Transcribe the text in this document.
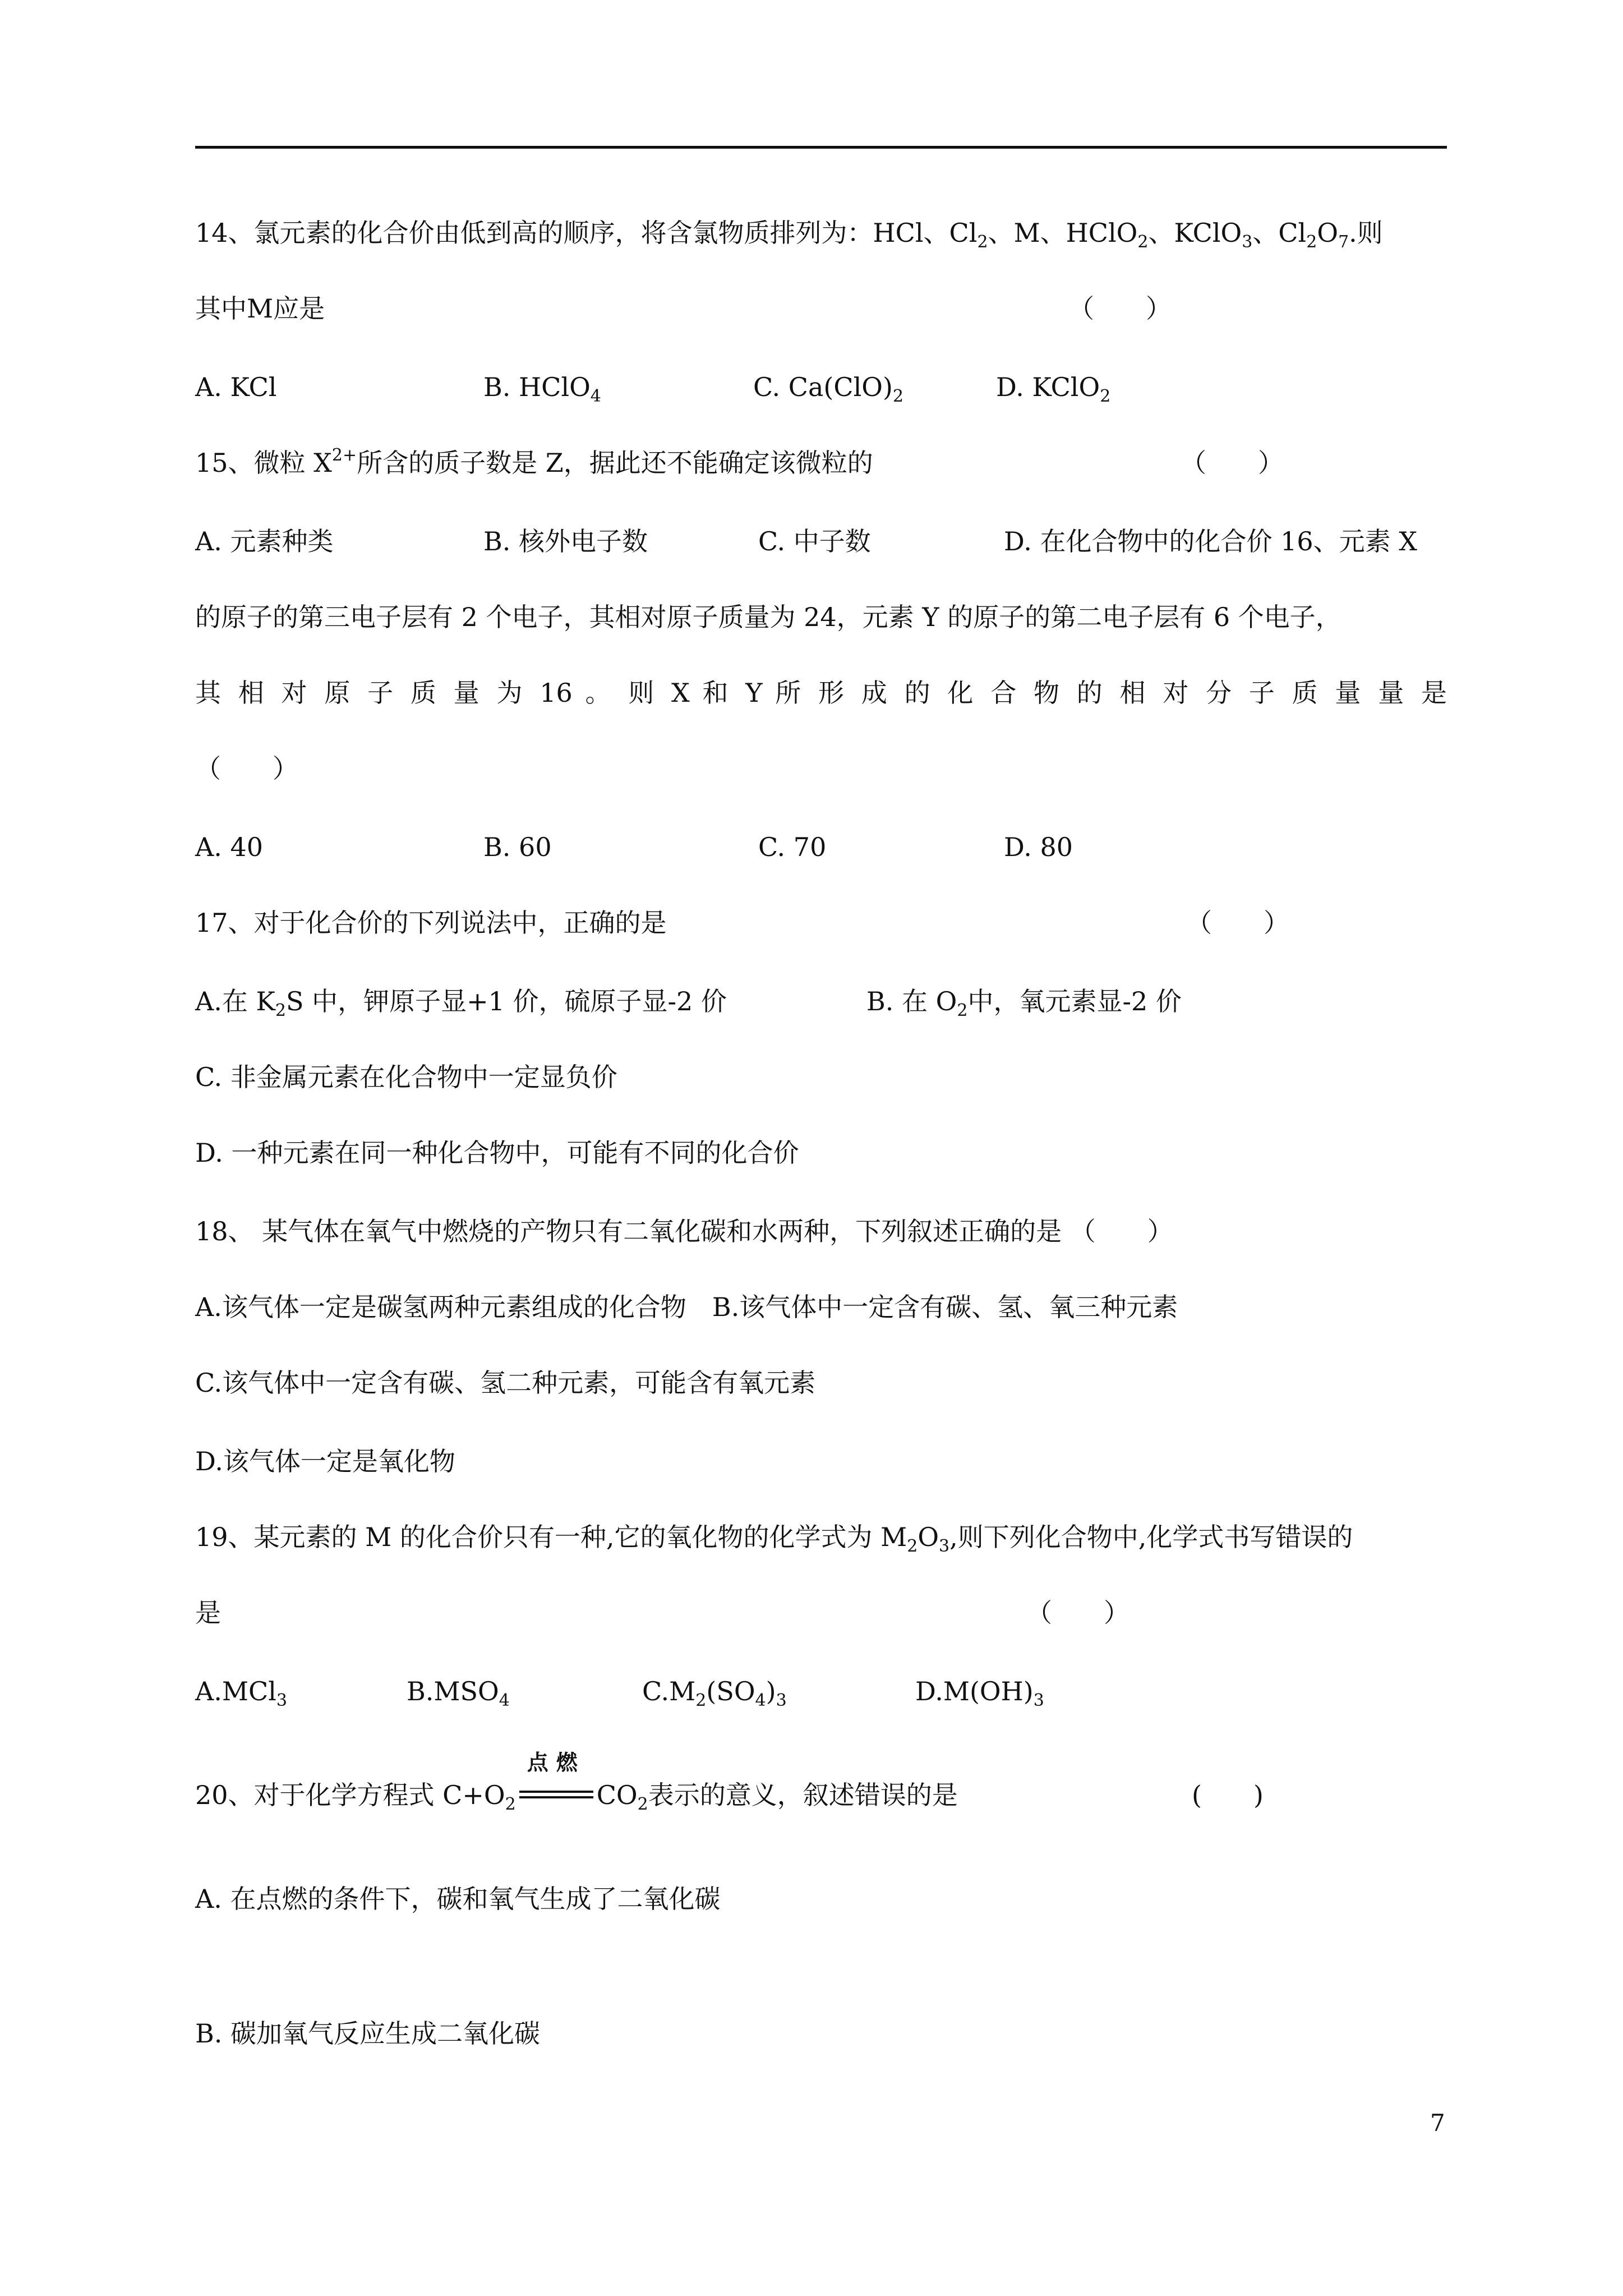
14、氯元素的化合价由低到高的顺序，将含氯物质排列为：HCl、$Cl_2$、M、HClO$_2$、KClO$_3$、$Cl_2O_7$.则
其中M应是	（　　）
A. KCl	B. HClO$_4$	C. $Ca(ClO)_2$	D. KClO$_2$
15、微粒 $X^{2+}$所含的质子数是 Z，据此还不能确定该微粒的	（　　）
A. 元素种类	B. 核外电子数	C. 中子数	D. 在化合物中的化合价 16、元素 X
的原子的第三电子层有 2 个电子，其相对原子质量为 24，元素 Y 的原子的第二电子层有 6 个电子，
其 相 对 原 子 质 量 为 16 。 则 X 和 Y 所 形 成 的 化 合 物 的 相 对 分 子 质 量 量 是
（　　）
A. 40	B. 60	C. 70	D. 80
17、对于化合价的下列说法中，正确的是	（　　）
A.在 $K_2S$ 中，钾原子显+1 价，硫原子显-2 价	B. 在 $O_2$中，氧元素显-2 价
C. 非金属元素在化合物中一定显负价
D. 一种元素在同一种化合物中，可能有不同的化合价
18、 某气体在氧气中燃烧的产物只有二氧化碳和水两种，下列叙述正确的是 （　　）
A.该气体一定是碳氢两种元素组成的化合物　B.该气体中一定含有碳、氢、氧三种元素
C.该气体中一定含有碳、氢二种元素，可能含有氧元素
D.该气体一定是氧化物
19、某元素的 M 的化合价只有一种,它的氧化物的化学式为 $M_2O_3$,则下列化合物中,化学式书写错误的
是	（　　）
A.MCl$_3$	$B.MSO_4$	$C.M_2(SO_4)_3$	$D.M(OH)_3$
20、对于化学方程式 $C+O_2$
点燃
$CO_2$表示的意义，叙述错误的是	(　　)
A. 在点燃的条件下，碳和氧气生成了二氧化碳
B. 碳加氧气反应生成二氧化碳
7
